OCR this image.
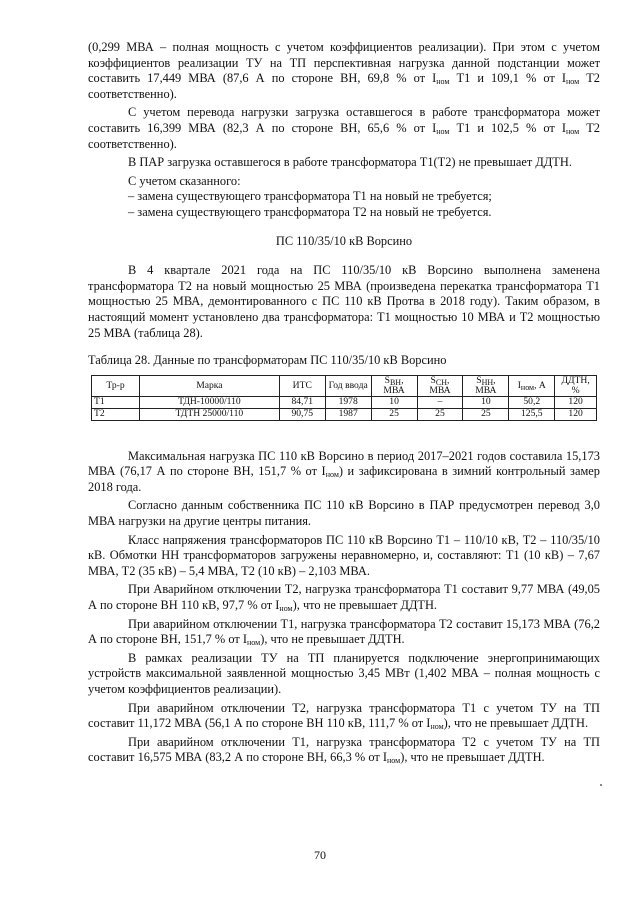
(0,299 МВА – полная мощность с учетом коэффициентов реализации). При этом с учетом коэффициентов реализации ТУ на ТП перспективная нагрузка данной подстанции может составить 17,449 МВА (87,6 А по стороне ВН, 69,8 % от $I_{ном}$ Т1 и 109,1 % от $I_{ном}$ Т2 соответственно).

С учетом перевода нагрузки загрузка оставшегося в работе трансформатора может составить 16,399 МВА (82,3 А по стороне ВН, 65,6 % от $I_{ном}$ Т1 и 102,5 % от $I_{ном}$ Т2 соответственно).

В ПАР загрузка оставшегося в работе трансформатора Т1(Т2) не превышает ДДТН.

С учетом сказанного:

– замена существующего трансформатора Т1 на новый не требуется;

– замена существующего трансформатора Т2 на новый не требуется.

ПС 110/35/10 кВ Ворсино

В 4 квартале 2021 года на ПС 110/35/10 кВ Ворсино выполнена заменена трансформатора Т2 на новый мощностью 25 МВА (произведена перекатка трансформатора Т1 мощностью 25 МВА, демонтированного с ПС 110 кВ Протва в 2018 году). Таким образом, в настоящий момент установлено два трансформатора: Т1 мощностью 10 МВА и Т2 мощностью 25 МВА (таблица 28).

Таблица 28. Данные по трансформаторам ПС 110/35/10 кВ Ворсино

Тр-р	Марка	ИТС	Год ввода	$S_{ВН}$, МВА	$S_{СН}$, МВА	$S_{НН}$, МВА	$I_{ном}$, А	ДДТН, %
Т1	ТДН-10000/110	84,71	1978	10	–	10	50,2	120
Т2	ТДТН 25000/110	90,75	1987	25	25	25	125,5	120

Максимальная нагрузка ПС 110 кВ Ворсино в период 2017–2021 годов составила 15,173 МВА (76,17 А по стороне ВН, 151,7 % от $I_{ном}$) и зафиксирована в зимний контрольный замер 2018 года.

Согласно данным собственника ПС 110 кВ Ворсино в ПАР предусмотрен перевод 3,0 МВА нагрузки на другие центры питания.

Класс напряжения трансформаторов ПС 110 кВ Ворсино Т1 – 110/10 кВ, Т2 – 110/35/10 кВ. Обмотки НН трансформаторов загружены неравномерно, и, составляют: Т1 (10 кВ) – 7,67 МВА, Т2 (35 кВ) – 5,4 МВА, Т2 (10 кВ) – 2,103 МВА.

При Аварийном отключении Т2, нагрузка трансформатора Т1 составит 9,77 МВА (49,05 А по стороне ВН 110 кВ, 97,7 % от $I_{ном}$), что не превышает ДДТН.

При аварийном отключении Т1, нагрузка трансформатора Т2 составит 15,173 МВА (76,2 А по стороне ВН, 151,7 % от $I_{ном}$), что не превышает ДДТН.

В рамках реализации ТУ на ТП планируется подключение энергопринимающих устройств максимальной заявленной мощностью 3,45 МВт (1,402 МВА – полная мощность с учетом коэффициентов реализации).

При аварийном отключении Т2, нагрузка трансформатора Т1 с учетом ТУ на ТП составит 11,172 МВА (56,1 А по стороне ВН 110 кВ, 111,7 % от $I_{ном}$), что не превышает ДДТН.

При аварийном отключении Т1, нагрузка трансформатора Т2 с учетом ТУ на ТП составит 16,575 МВА (83,2 А по стороне ВН, 66,3 % от $I_{ном}$), что не превышает ДДТН.

70
